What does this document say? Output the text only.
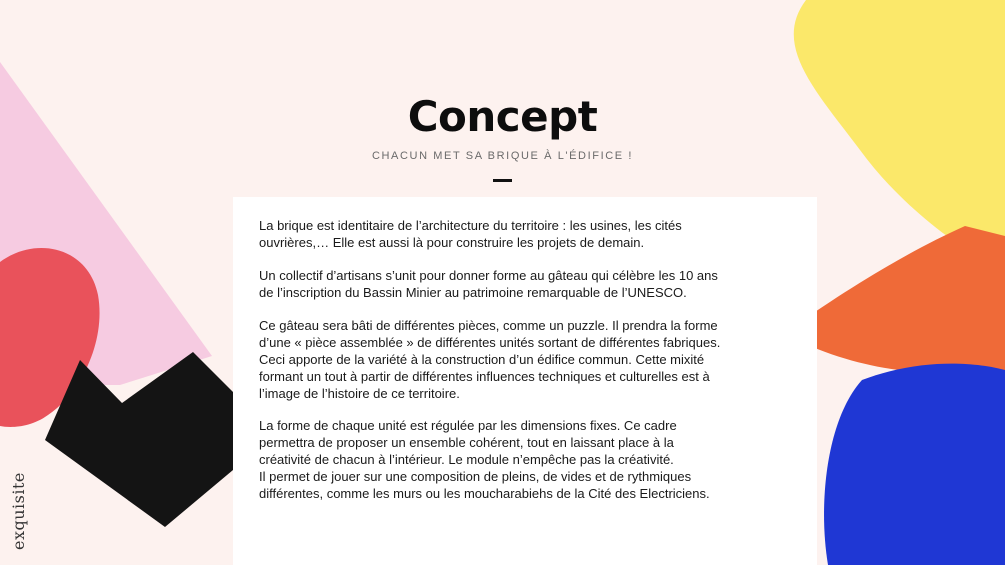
Concept
CHACUN MET SA BRIQUE À L'ÉDIFICE !

La brique est identitaire de l’architecture du territoire : les usines, les cités
ouvrières,… Elle est aussi là pour construire les projets de demain.

Un collectif d’artisans s’unit pour donner forme au gâteau qui célèbre les 10 ans
de l’inscription du Bassin Minier au patrimoine remarquable de l’UNESCO.

Ce gâteau sera bâti de différentes pièces, comme un puzzle. Il prendra la forme
d’une « pièce assemblée » de différentes unités sortant de différentes fabriques.
Ceci apporte de la variété à la construction d’un édifice commun. Cette mixité
formant un tout à partir de différentes influences techniques et culturelles est à
l’image de l’histoire de ce territoire.

La forme de chaque unité est régulée par les dimensions fixes. Ce cadre
permettra de proposer un ensemble cohérent, tout en laissant place à la
créativité de chacun à l’intérieur. Le module n’empêche pas la créativité.
Il permet de jouer sur une composition de pleins, de vides et de rythmiques
différentes, comme les murs ou les moucharabiehs de la Cité des Electriciens.

exquisite
